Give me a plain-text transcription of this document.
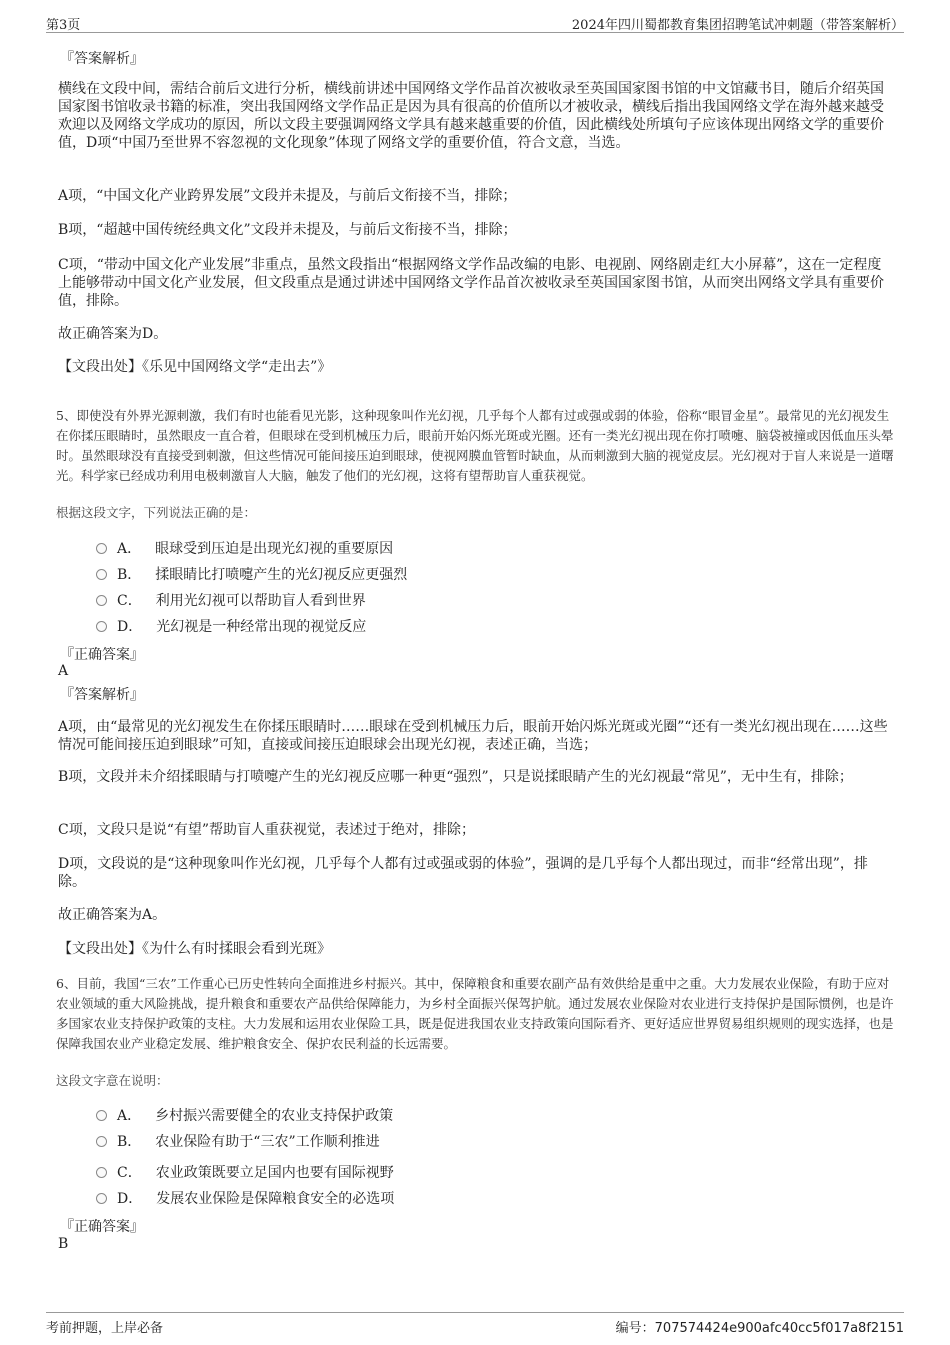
第3页	2024年四川蜀都教育集团招聘笔试冲刺题（带答案解析）
『答案解析』
横线在文段中间，需结合前后文进行分析，横线前讲述中国网络文学作品首次被收录至英国国家图书馆的中文馆藏书目，随后介绍英国国家图书馆收录书籍的标准，突出我国网络文学作品正是因为具有很高的价值所以才被收录，横线后指出我国网络文学在海外越来越受欢迎以及网络文学成功的原因，所以文段主要强调网络文学具有越来越重要的价值，因此横线处所填句子应该体现出网络文学的重要价值，D项“中国乃至世界不容忽视的文化现象”体现了网络文学的重要价值，符合文意，当选。
A项，“中国文化产业跨界发展”文段并未提及，与前后文衔接不当，排除；
B项，“超越中国传统经典文化”文段并未提及，与前后文衔接不当，排除；
C项，“带动中国文化产业发展”非重点，虽然文段指出“根据网络文学作品改编的电影、电视剧、网络剧走红大小屏幕”，这在一定程度上能够带动中国文化产业发展，但文段重点是通过讲述中国网络文学作品首次被收录至英国国家图书馆，从而突出网络文学具有重要价值，排除。
故正确答案为D。
【文段出处】《乐见中国网络文学“走出去”》
5、即使没有外界光源刺激，我们有时也能看见光影，这种现象叫作光幻视，几乎每个人都有过或强或弱的体验，俗称“眼冒金星”。最常见的光幻视发生在你揉压眼睛时，虽然眼皮一直合着，但眼球在受到机械压力后，眼前开始闪烁光斑或光圈。还有一类光幻视出现在你打喷嚏、脑袋被撞或因低血压头晕时。虽然眼球没有直接受到刺激，但这些情况可能间接压迫到眼球，使视网膜血管暂时缺血，从而刺激到大脑的视觉皮层。光幻视对于盲人来说是一道曙光。科学家已经成功利用电极刺激盲人大脑，触发了他们的光幻视，这将有望帮助盲人重获视觉。
根据这段文字，下列说法正确的是：
A． 眼球受到压迫是出现光幻视的重要原因
B． 揉眼睛比打喷嚏产生的光幻视反应更强烈
C． 利用光幻视可以帮助盲人看到世界
D． 光幻视是一种经常出现的视觉反应
『正确答案』
A
『答案解析』
A项，由“最常见的光幻视发生在你揉压眼睛时……眼球在受到机械压力后，眼前开始闪烁光斑或光圈”“还有一类光幻视出现在……这些情况可能间接压迫到眼球”可知，直接或间接压迫眼球会出现光幻视，表述正确，当选；
B项，文段并未介绍揉眼睛与打喷嚏产生的光幻视反应哪一种更“强烈”，只是说揉眼睛产生的光幻视最“常见”，无中生有，排除；
C项，文段只是说“有望”帮助盲人重获视觉，表述过于绝对，排除；
D项，文段说的是“这种现象叫作光幻视，几乎每个人都有过或强或弱的体验”，强调的是几乎每个人都出现过，而非“经常出现”，排除。
故正确答案为A。
【文段出处】《为什么有时揉眼会看到光斑》
6、目前，我国“三农”工作重心已历史性转向全面推进乡村振兴。其中，保障粮食和重要农副产品有效供给是重中之重。大力发展农业保险，有助于应对农业领域的重大风险挑战，提升粮食和重要农产品供给保障能力，为乡村全面振兴保驾护航。通过发展农业保险对农业进行支持保护是国际惯例，也是许多国家农业支持保护政策的支柱。大力发展和运用农业保险工具，既是促进我国农业支持政策向国际看齐、更好适应世界贸易组织规则的现实选择，也是保障我国农业产业稳定发展、维护粮食安全、保护农民利益的长远需要。
这段文字意在说明：
A． 乡村振兴需要健全的农业支持保护政策
B． 农业保险有助于“三农”工作顺利推进
C． 农业政策既要立足国内也要有国际视野
D． 发展农业保险是保障粮食安全的必选项
『正确答案』
B
考前押题，上岸必备	编号：707574424e900afc40cc5f017a8f2151
